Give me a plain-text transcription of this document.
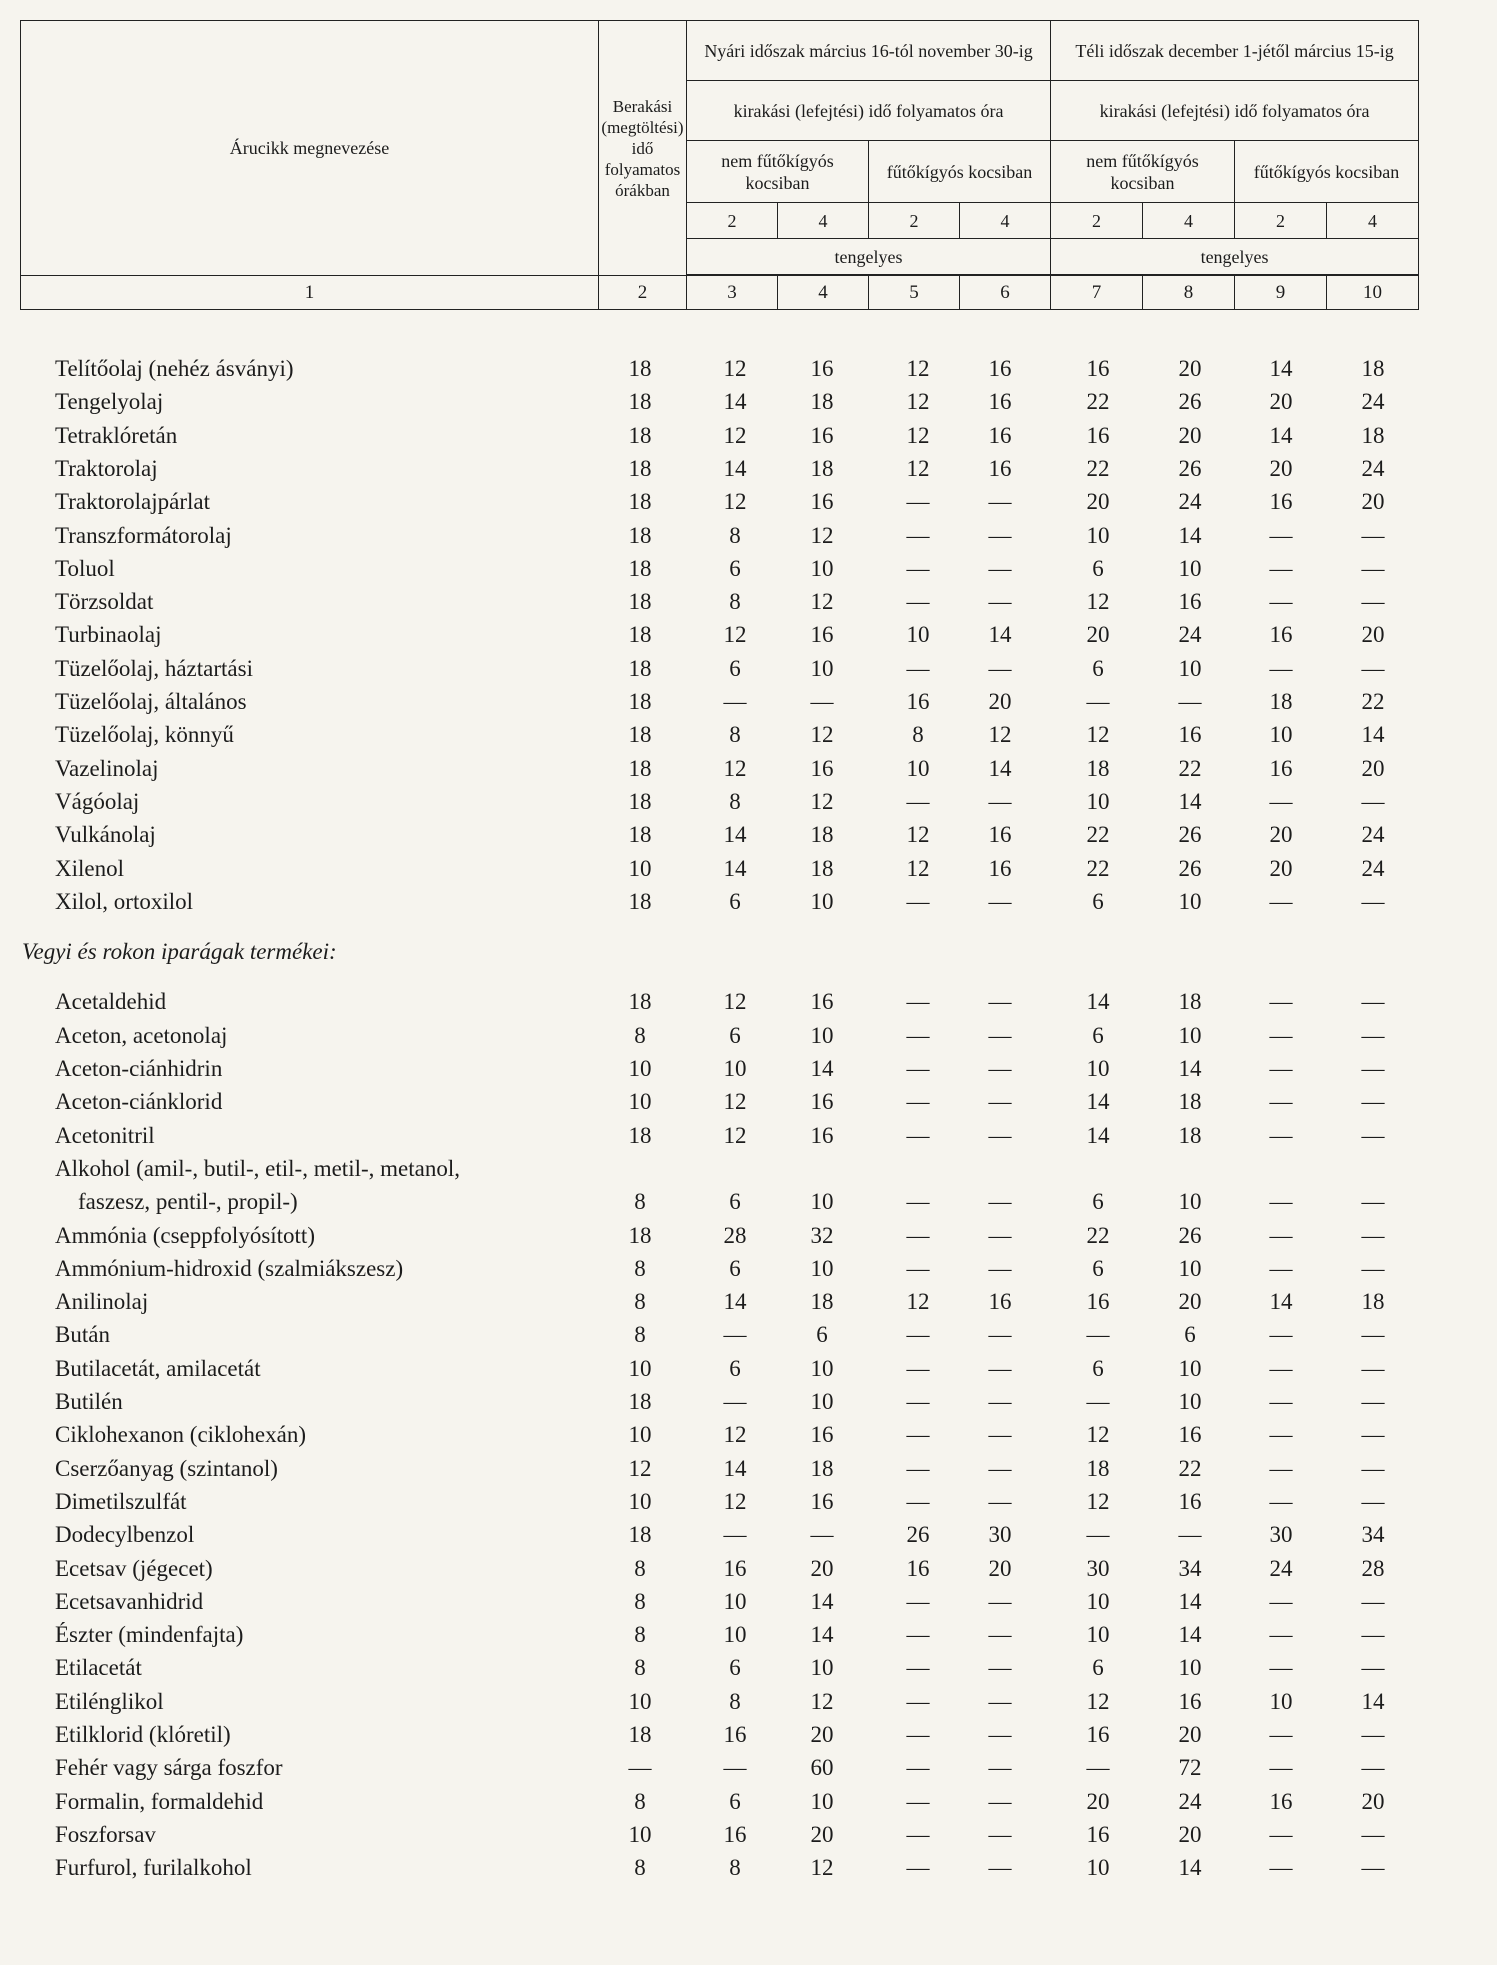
Árucikk megnevezése	Berakási (megtöltési) idő folyamatos órákban	Nyári időszak március 16-tól november 30-ig				Téli időszak december 1-jétől március 15-ig			
		kirakási (lefejtési) idő folyamatos óra				kirakási (lefejtési) idő folyamatos óra			
		nem fűtőkígyós kocsiban		fűtőkígyós kocsiban		nem fűtőkígyós kocsiban		fűtőkígyós kocsiban	
		2	4	2	4	2	4	2	4
		tengelyes				tengelyes			

1	2	3	4	5	6	7	8	9	10
Telítőolaj (nehéz ásványi)	18	12	16	12	16	16	20	14	18
Tengelyolaj	18	14	18	12	16	22	26	20	24
Tetraklóretán	18	12	16	12	16	16	20	14	18
Traktorolaj	18	14	18	12	16	22	26	20	24
Traktorolajpárlat	18	12	16	—	—	20	24	16	20
Transzformátorolaj	18	8	12	—	—	10	14	—	—
Toluol	18	6	10	—	—	6	10	—	—
Törzsoldat	18	8	12	—	—	12	16	—	—
Turbinaolaj	18	12	16	10	14	20	24	16	20
Tüzelőolaj, háztartási	18	6	10	—	—	6	10	—	—
Tüzelőolaj, általános	18	—	—	16	20	—	—	18	22
Tüzelőolaj, könnyű	18	8	12	8	12	12	16	10	14
Vazelinolaj	18	12	16	10	14	18	22	16	20
Vágóolaj	18	8	12	—	—	10	14	—	—
Vulkánolaj	18	14	18	12	16	22	26	20	24
Xilenol	10	14	18	12	16	22	26	20	24
Xilol, ortoxilol	18	6	10	—	—	6	10	—	—
Vegyi és rokon iparágak termékei:
Acetaldehid	18	12	16	—	—	14	18	—	—
Aceton, acetonolaj	8	6	10	—	—	6	10	—	—
Aceton-ciánhidrin	10	10	14	—	—	10	14	—	—
Aceton-ciánklorid	10	12	16	—	—	14	18	—	—
Acetonitril	18	12	16	—	—	14	18	—	—
Alkohol (amil-, butil-, etil-, metil-, metanol,
faszesz, pentil-, propil-)	8	6	10	—	—	6	10	—	—
Ammónia (cseppfolyósított)	18	28	32	—	—	22	26	—	—
Ammónium-hidroxid (szalmiákszesz)	8	6	10	—	—	6	10	—	—
Anilinolaj	8	14	18	12	16	16	20	14	18
Bután	8	—	6	—	—	—	6	—	—
Butilacetát, amilacetát	10	6	10	—	—	6	10	—	—
Butilén	18	—	10	—	—	—	10	—	—
Ciklohexanon (ciklohexán)	10	12	16	—	—	12	16	—	—
Cserzőanyag (szintanol)	12	14	18	—	—	18	22	—	—
Dimetilszulfát	10	12	16	—	—	12	16	—	—
Dodecylbenzol	18	—	—	26	30	—	—	30	34
Ecetsav (jégecet)	8	16	20	16	20	30	34	24	28
Ecetsavanhidrid	8	10	14	—	—	10	14	—	—
Észter (mindenfajta)	8	10	14	—	—	10	14	—	—
Etilacetát	8	6	10	—	—	6	10	—	—
Etilénglikol	10	8	12	—	—	12	16	10	14
Etilklorid (klóretil)	18	16	20	—	—	16	20	—	—
Fehér vagy sárga foszfor	—	—	60	—	—	—	72	—	—
Formalin, formaldehid	8	6	10	—	—	20	24	16	20
Foszforsav	10	16	20	—	—	16	20	—	—
Furfurol, furilalkohol	8	8	12	—	—	10	14	—	—
